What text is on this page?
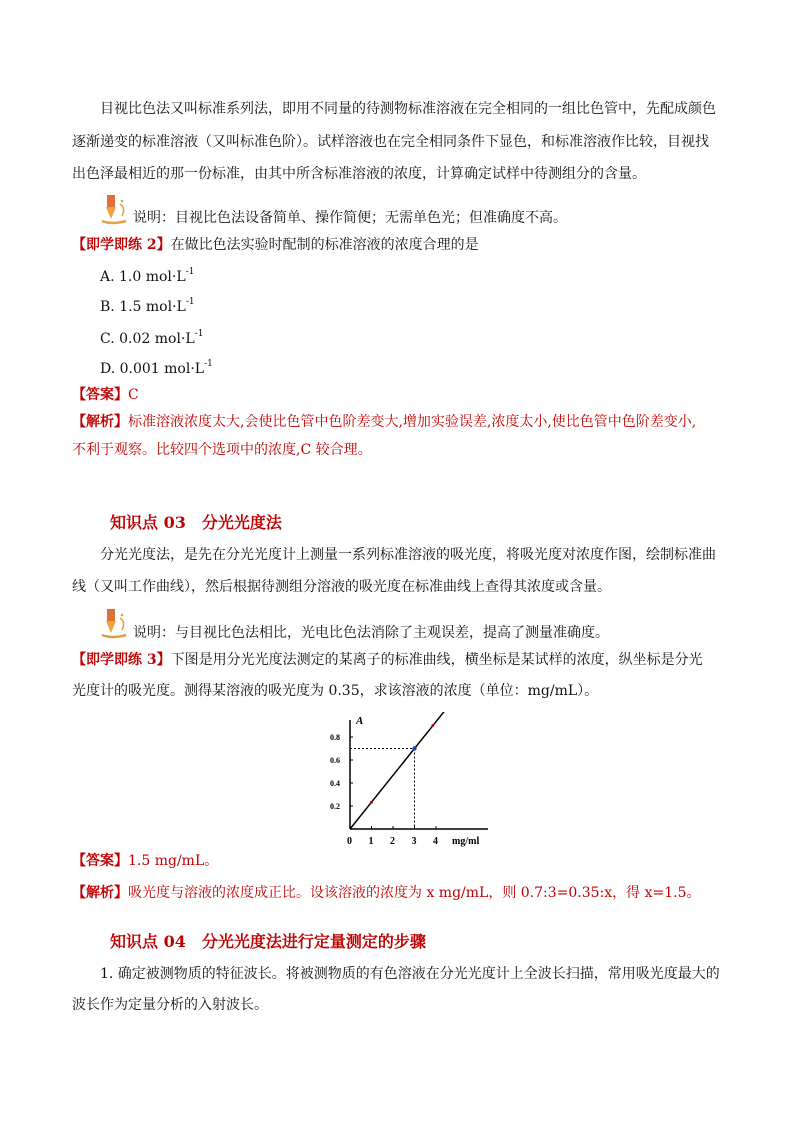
目视比色法又叫标准系列法，即用不同量的待测物标准溶液在完全相同的一组比色管中，先配成颜色
逐渐递变的标准溶液（又叫标准色阶）。试样溶液也在完全相同条件下显色，和标准溶液作比较，目视找
出色泽最相近的那一份标准，由其中所含标准溶液的浓度，计算确定试样中待测组分的含量。
说明：目视比色法设备简单、操作简便；无需单色光；但准确度不高。
【即学即练 2】在做比色法实验时配制的标准溶液的浓度合理的是
A. 1.0 $mol\cdot L^{-1}$
B. 1.5 $mol\cdot L^{-1}$
C. 0.02 $mol\cdot L^{-1}$
D. 0.001 $mol\cdot L^{-1}$
【答案】C
【解析】标准溶液浓度太大,会使比色管中色阶差变大,增加实验误差,浓度太小,使比色管中色阶差变小,
不利于观察。比较四个选项中的浓度,C 较合理。
知识点 03　分光光度法
分光光度法，是先在分光光度计上测量一系列标准溶液的吸光度，将吸光度对浓度作图，绘制标准曲
线（又叫工作曲线），然后根据待测组分溶液的吸光度在标准曲线上查得其浓度或含量。
说明：与目视比色法相比，光电比色法消除了主观误差，提高了测量准确度。
【即学即练 3】下图是用分光光度法测定的某离子的标准曲线，横坐标是某试样的浓度，纵坐标是分光
光度计的吸光度。测得某溶液的吸光度为 0.35，求该溶液的浓度（单位：mg/mL）。
A
mg/ml
0.2
0.4
0.6
0.8
0 1 2 3 4
【答案】1.5 mg/mL。
【解析】吸光度与溶液的浓度成正比。设该溶液的浓度为 x mg/mL，则 0.7:3=0.35:x，得 x=1.5。
知识点 04　分光光度法进行定量测定的步骤
1. 确定被测物质的特征波长。将被测物质的有色溶液在分光光度计上全波长扫描，常用吸光度最大的
波长作为定量分析的入射波长。
